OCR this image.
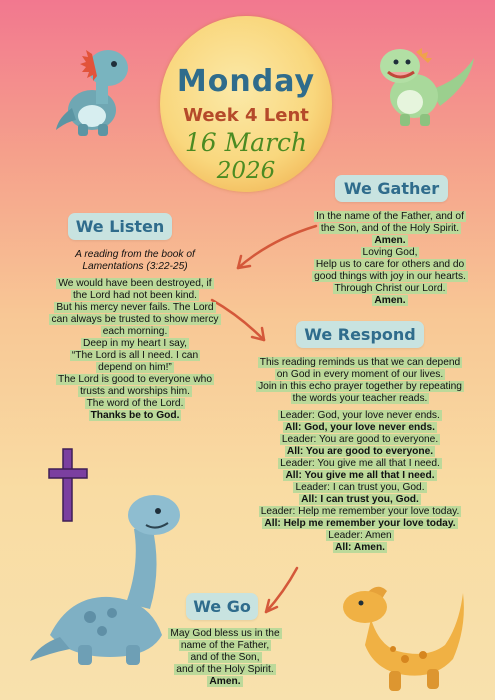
Monday
Week 4 Lent
16 March
2026
We Gather
In the name of the Father, and of
the Son, and of the Holy Spirit.
Amen.
Loving God,
Help us to care for others and do
good things with joy in our hearts.
Through Christ our Lord.
Amen.
We Listen
A reading from the book of
Lamentations (3:22-25)
We would have been destroyed, if
the Lord had not been kind.
But his mercy never fails. The Lord
can always be trusted to show mercy
each morning.
Deep in my heart I say,
“The Lord is all I need. I can
depend on him!”
The Lord is good to everyone who
trusts and worships him.
The word of the Lord.
Thanks be to God.
We Respond
This reading reminds us that we can depend
on God in every moment of our lives.
Join in this echo prayer together by repeating
the words your teacher reads.
Leader: God, your love never ends.
All: God, your love never ends.
Leader: You are good to everyone.
All: You are good to everyone.
Leader: You give me all that I need.
All: You give me all that I need.
Leader: I can trust you, God.
All: I can trust you, God.
Leader: Help me remember your love today.
All: Help me remember your love today.
Leader: Amen
All: Amen.
We Go
May God bless us in the
name of the Father,
and of the Son,
and of the Holy Spirit.
Amen.
